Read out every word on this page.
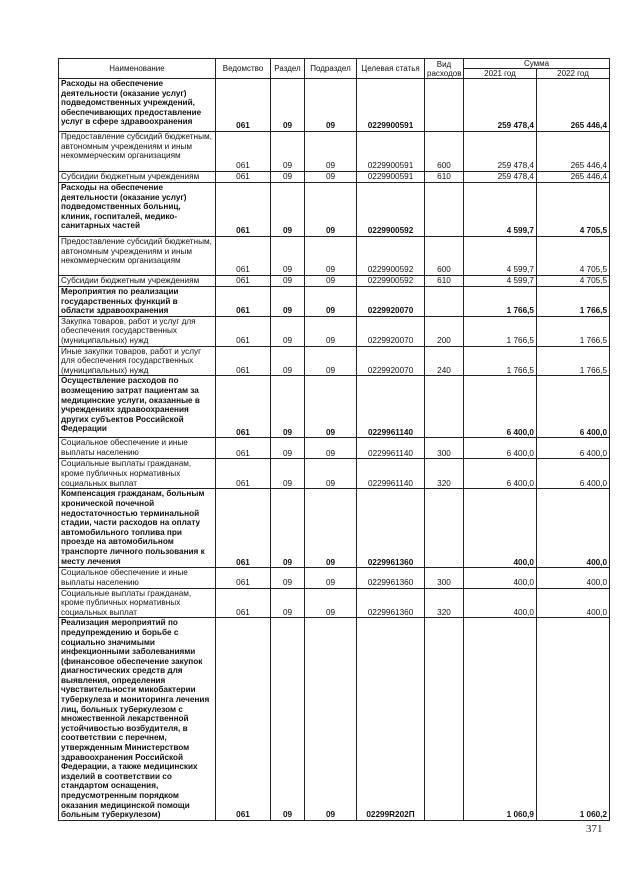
Наименование	Ведомство	Раздел	Подраздел	Целевая статья	Вид расходов	Сумма	
						2021 год	2022 год
Расходы на обеспечение деятельности (оказание услуг) подведомственных учреждений, обеспечивающих предоставление услуг в сфере здравоохранения	061	09	09	0229900591		259 478,4	265 446,4
Предоставление субсидий бюджетным, автономным учреждениям и иным некоммерческим организациям	061	09	09	0229900591	600	259 478,4	265 446,4
Субсидии бюджетным учреждениям	061	09	09	0229900591	610	259 478,4	265 446,4
Расходы на обеспечение деятельности (оказание услуг) подведомственных больниц, клиник, госпиталей, медико-санитарных частей	061	09	09	0229900592		4 599,7	4 705,5
Предоставление субсидий бюджетным, автономным учреждениям и иным некоммерческим организациям	061	09	09	0229900592	600	4 599,7	4 705,5
Субсидии бюджетным учреждениям	061	09	09	0229900592	610	4 599,7	4 705,5
Мероприятия по реализации государственных функций в области здравоохранения	061	09	09	0229920070		1 766,5	1 766,5
Закупка товаров, работ и услуг для обеспечения государственных (муниципальных) нужд	061	09	09	0229920070	200	1 766,5	1 766,5
Иные закупки товаров, работ и услуг для обеспечения государственных (муниципальных) нужд	061	09	09	0229920070	240	1 766,5	1 766,5
Осуществление расходов по возмещению затрат пациентам за медицинские услуги, оказанные в учреждениях здравоохранения других субъектов Российской Федерации	061	09	09	0229961140		6 400,0	6 400,0
Социальное обеспечение и иные выплаты населению	061	09	09	0229961140	300	6 400,0	6 400,0
Социальные выплаты гражданам, кроме публичных нормативных социальных выплат	061	09	09	0229961140	320	6 400,0	6 400,0
Компенсация гражданам, больным хронической почечной недостаточностью терминальной стадии, части расходов на оплату автомобильного топлива при проезде на автомобильном транспорте личного пользования к месту лечения	061	09	09	0229961360		400,0	400,0
Социальное обеспечение и иные выплаты населению	061	09	09	0229961360	300	400,0	400,0
Социальные выплаты гражданам, кроме публичных нормативных социальных выплат	061	09	09	0229961360	320	400,0	400,0
Реализация мероприятий по предупреждению и борьбе с социально значимыми инфекционными заболеваниями (финансовое обеспечение закупок диагностических средств для выявления, определения чувствительности микобактерии туберкулеза и мониторинга лечения лиц, больных туберкулезом с множественной лекарственной устойчивостью возбудителя, в соответствии с перечнем, утвержденным Министерством здравоохранения Российской Федерации, а также медицинских изделий в соответствии со стандартом оснащения, предусмотренным порядком оказания медицинской помощи больным туберкулезом)	061	09	09	02299R202П		1 060,9	1 060,2
371
